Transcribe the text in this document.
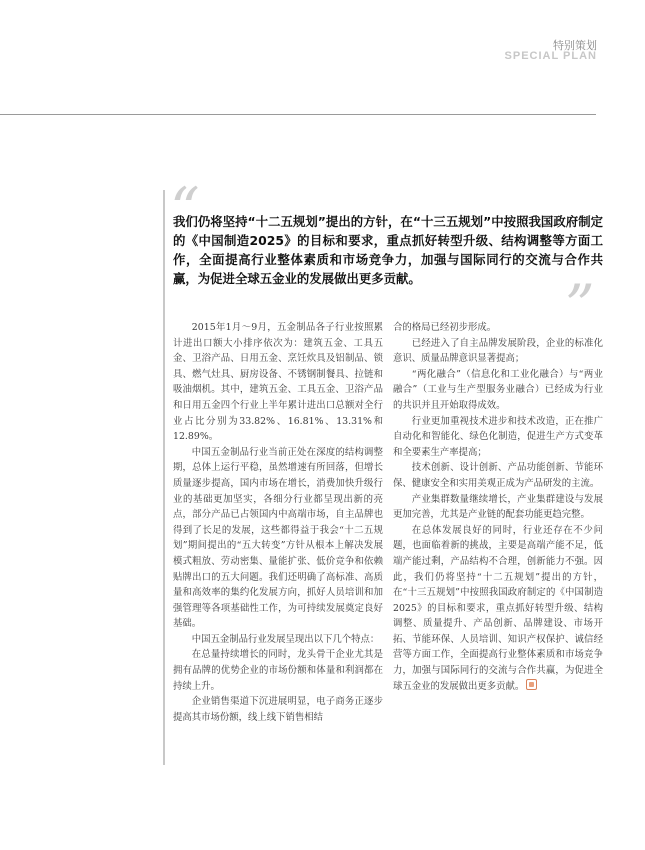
特别策划
SPECIAL PLAN
“
我们仍将坚持“十二五规划”提出的方针，在“十三五规划”中按照我国政府制定的《中国制造2025》的目标和要求，重点抓好转型升级、结构调整等方面工作，全面提高行业整体素质和市场竞争力，加强与国际同行的交流与合作共赢，为促进全球五金业的发展做出更多贡献。	”

2015年1月～9月，五金制品各子行业按照累计进出口额大小排序依次为：建筑五金、工具五金、卫浴产品、日用五金、烹饪炊具及铝制品、锁具、燃气灶具、厨房设备、不锈钢制餐具、拉链和吸油烟机。其中，建筑五金、工具五金、卫浴产品和日用五金四个行业上半年累计进出口总额对全行业占比分别为33.82%、16.81%、13.31%和12.89%。

中国五金制品行业当前正处在深度的结构调整期，总体上运行平稳，虽然增速有所回落，但增长质量逐步提高，国内市场在增长，消费加快升级行业的基础更加坚实，各细分行业都呈现出新的亮点，部分产品已占领国内中高端市场，自主品牌也得到了长足的发展，这些都得益于我会“十二五规划”期间提出的“五大转变”方针从根本上解决发展模式粗放、劳动密集、量能扩张、低价竞争和依赖贴牌出口的五大问题。我们还明确了高标准、高质量和高效率的集约化发展方向，抓好人员培训和加强管理等各项基础性工作，为可持续发展奠定良好基础。

中国五金制品行业发展呈现出以下几个特点：

在总量持续增长的同时，龙头骨干企业尤其是拥有品牌的优势企业的市场份额和体量和利润都在持续上升。

企业销售渠道下沉进展明显，电子商务正逐步提高其市场份额，线上线下销售相结

合的格局已经初步形成。

已经进入了自主品牌发展阶段，企业的标准化意识、质量品牌意识显著提高；

“两化融合”（信息化和工业化融合）与“两业融合”（工业与生产型服务业融合）已经成为行业的共识并且开始取得成效。

行业更加重视技术进步和技术改造，正在推广自动化和智能化、绿色化制造，促进生产方式变革和全要素生产率提高；

技术创新、设计创新、产品功能创新、节能环保、健康安全和实用美观正成为产品研发的主流。

产业集群数量继续增长，产业集群建设与发展更加完善，尤其是产业链的配套功能更趋完整。

在总体发展良好的同时，行业还存在不少问题，也面临着新的挑战，主要是高端产能不足，低端产能过剩，产品结构不合理，创新能力不强。因此，我们仍将坚持“十二五规划”提出的方针，在“十三五规划”中按照我国政府制定的《中国制造2025》的目标和要求，重点抓好转型升级、结构调整、质量提升、产品创新、品牌建设、市场开拓、节能环保、人员培训、知识产权保护、诚信经营等方面工作，全面提高行业整体素质和市场竞争力，加强与国际同行的交流与合作共赢，为促进全球五金业的发展做出更多贡献。
